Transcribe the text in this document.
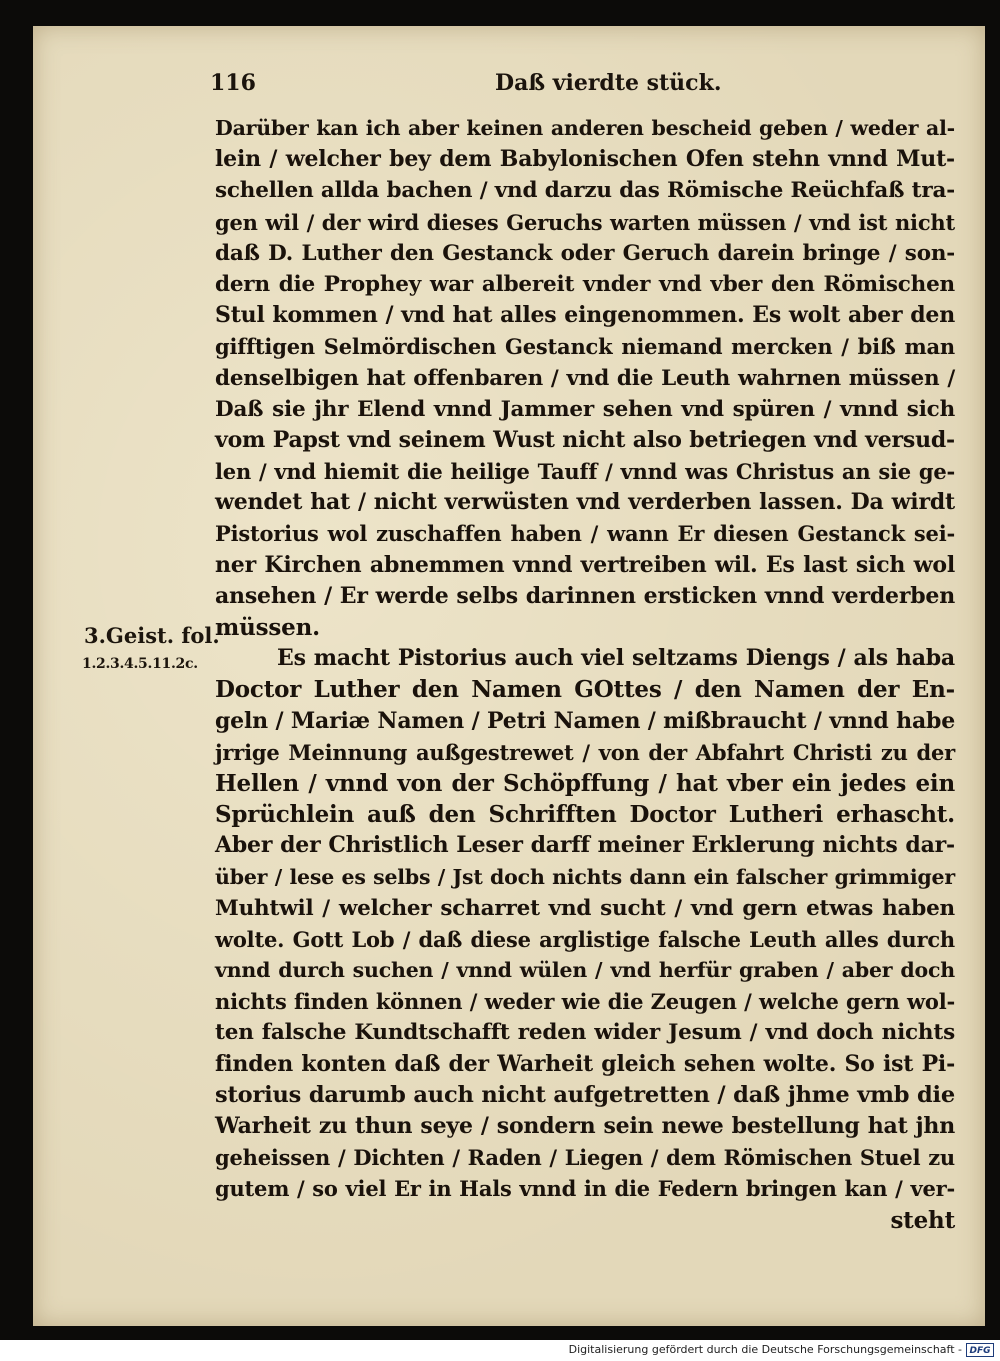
116	Daß vierdte stück.
3.Geist. fol.
1.2.3.4.5.11.2c.
Darüber kan ich aber keinen anderen bescheid geben / weder al-
lein / welcher bey dem Babylonischen Ofen stehn vnnd Mut-
schellen allda bachen / vnd darzu das Römische Reüchfaß tra-
gen wil / der wird dieses Geruchs warten müssen / vnd ist nicht
daß D. Luther den Gestanck oder Geruch darein bringe / son-
dern die Prophey war albereit vnder vnd vber den Römischen
Stul kommen / vnd hat alles eingenommen. Es wolt aber den
gifftigen Selmördischen Gestanck niemand mercken / biß man
denselbigen hat offenbaren / vnd die Leuth wahrnen müssen /
Daß sie jhr Elend vnnd Jammer sehen vnd spüren / vnnd sich
vom Papst vnd seinem Wust nicht also betriegen vnd versud-
len / vnd hiemit die heilige Tauff / vnnd was Christus an sie ge-
wendet hat / nicht verwüsten vnd verderben lassen. Da wirdt
Pistorius wol zuschaffen haben / wann Er diesen Gestanck sei-
ner Kirchen abnemmen vnnd vertreiben wil. Es last sich wol
ansehen / Er werde selbs darinnen ersticken vnnd verderben
müssen.
Es macht Pistorius auch viel seltzams Diengs / als haba
Doctor Luther den Namen GOttes / den Namen der En-
geln / Mariæ Namen / Petri Namen / mißbraucht / vnnd habe
jrrige Meinnung außgestrewet / von der Abfahrt Christi zu der
Hellen / vnnd von der Schöpffung / hat vber ein jedes ein
Sprüchlein auß den Schrifften Doctor Lutheri erhascht.
Aber der Christlich Leser darff meiner Erklerung nichts dar-
über / lese es selbs / Jst doch nichts dann ein falscher grimmiger
Muhtwil / welcher scharret vnd sucht / vnd gern etwas haben
wolte. Gott Lob / daß diese arglistige falsche Leuth alles durch
vnnd durch suchen / vnnd wülen / vnd herfür graben / aber doch
nichts finden können / weder wie die Zeugen / welche gern wol-
ten falsche Kundtschafft reden wider Jesum / vnd doch nichts
finden konten daß der Warheit gleich sehen wolte. So ist Pi-
storius darumb auch nicht aufgetretten / daß jhme vmb die
Warheit zu thun seye / sondern sein newe bestellung hat jhn
geheissen / Dichten / Raden / Liegen / dem Römischen Stuel zu
gutem / so viel Er in Hals vnnd in die Federn bringen kan / ver-
steht
Digitalisierung gefördert durch die Deutsche Forschungsgemeinschaft - DFG
